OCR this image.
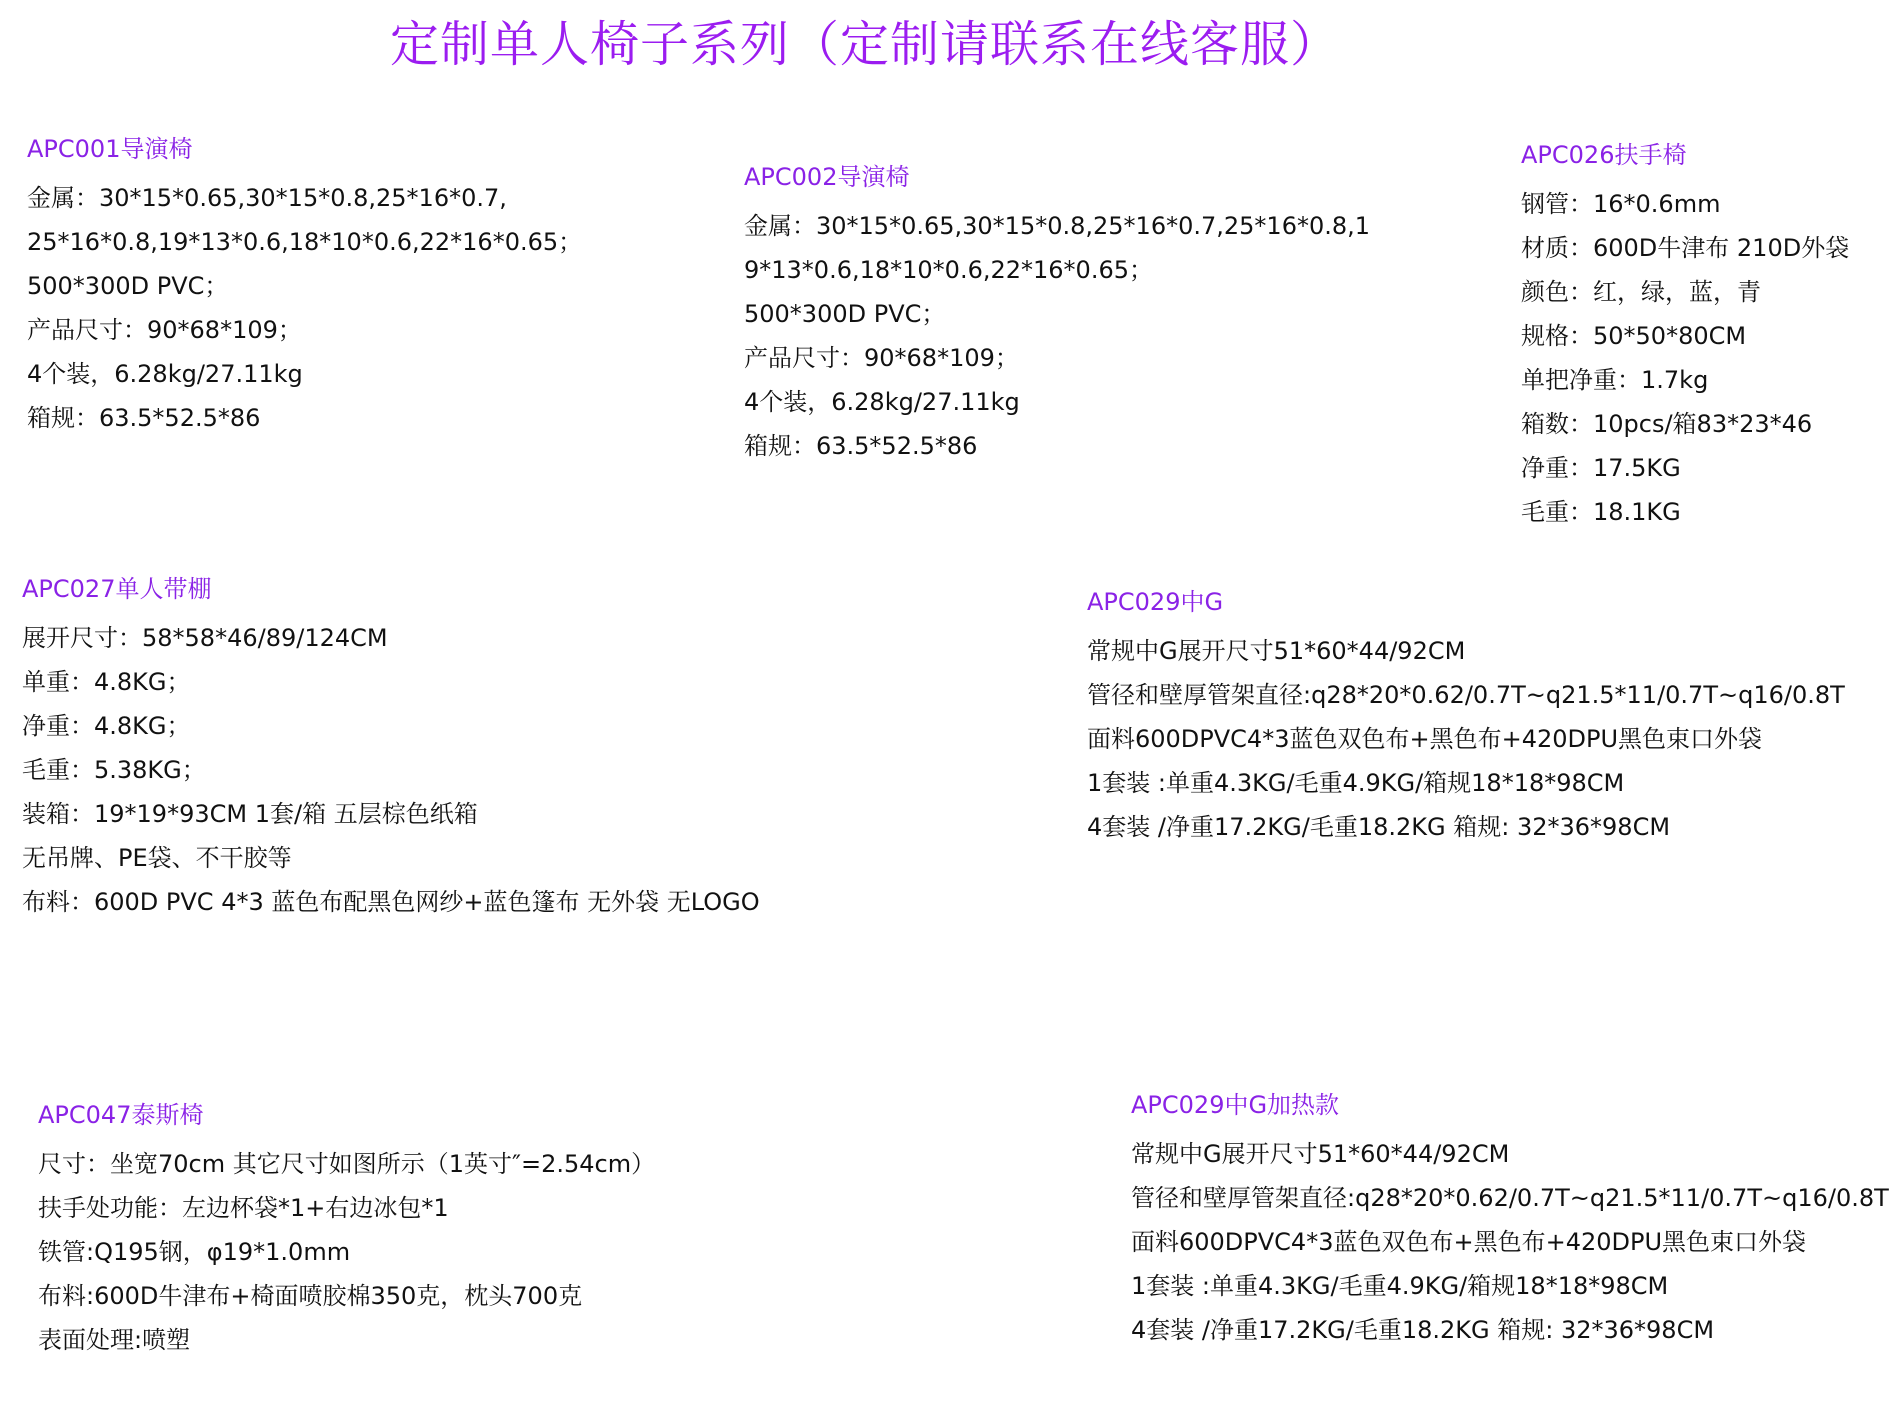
定制单人椅子系列（定制请联系在线客服）
APC001导演椅
金属：30*15*0.65,30*15*0.8,25*16*0.7,
25*16*0.8,19*13*0.6,18*10*0.6,22*16*0.65；
500*300D PVC；
产品尺寸：90*68*109；
4个装，6.28kg/27.11kg
箱规：63.5*52.5*86
APC002导演椅
金属：30*15*0.65,30*15*0.8,25*16*0.7,25*16*0.8,1
9*13*0.6,18*10*0.6,22*16*0.65；
500*300D PVC；
产品尺寸：90*68*109；
4个装，6.28kg/27.11kg
箱规：63.5*52.5*86
APC026扶手椅
钢管：16*0.6mm
材质：600D牛津布 210D外袋
颜色：红，绿，蓝，青
规格：50*50*80CM
单把净重：1.7kg
箱数：10pcs/箱83*23*46
净重：17.5KG
毛重：18.1KG
APC027单人带棚
展开尺寸：58*58*46/89/124CM
单重：4.8KG；
净重：4.8KG；
毛重：5.38KG；
装箱：19*19*93CM 1套/箱 五层棕色纸箱
无吊牌、PE袋、不干胶等
布料：600D PVC 4*3 蓝色布配黑色网纱+蓝色篷布 无外袋 无LOGO
APC029中G
常规中G展开尺寸51*60*44/92CM
管径和壁厚管架直径:q28*20*0.62/0.7T~q21.5*11/0.7T~q16/0.8T
面料600DPVC4*3蓝色双色布+黑色布+420DPU黑色束口外袋
1套装 :单重4.3KG/毛重4.9KG/箱规18*18*98CM
4套装 /净重17.2KG/毛重18.2KG 箱规: 32*36*98CM
APC047泰斯椅
尺寸：坐宽70cm 其它尺寸如图所示（1英寸″=2.54cm）
扶手处功能：左边杯袋*1+右边冰包*1
铁管:Q195钢，φ19*1.0mm
布料:600D牛津布+椅面喷胶棉350克，枕头700克
表面处理:喷塑
APC029中G加热款
常规中G展开尺寸51*60*44/92CM
管径和壁厚管架直径:q28*20*0.62/0.7T~q21.5*11/0.7T~q16/0.8T
面料600DPVC4*3蓝色双色布+黑色布+420DPU黑色束口外袋
1套装 :单重4.3KG/毛重4.9KG/箱规18*18*98CM
4套装 /净重17.2KG/毛重18.2KG 箱规: 32*36*98CM
